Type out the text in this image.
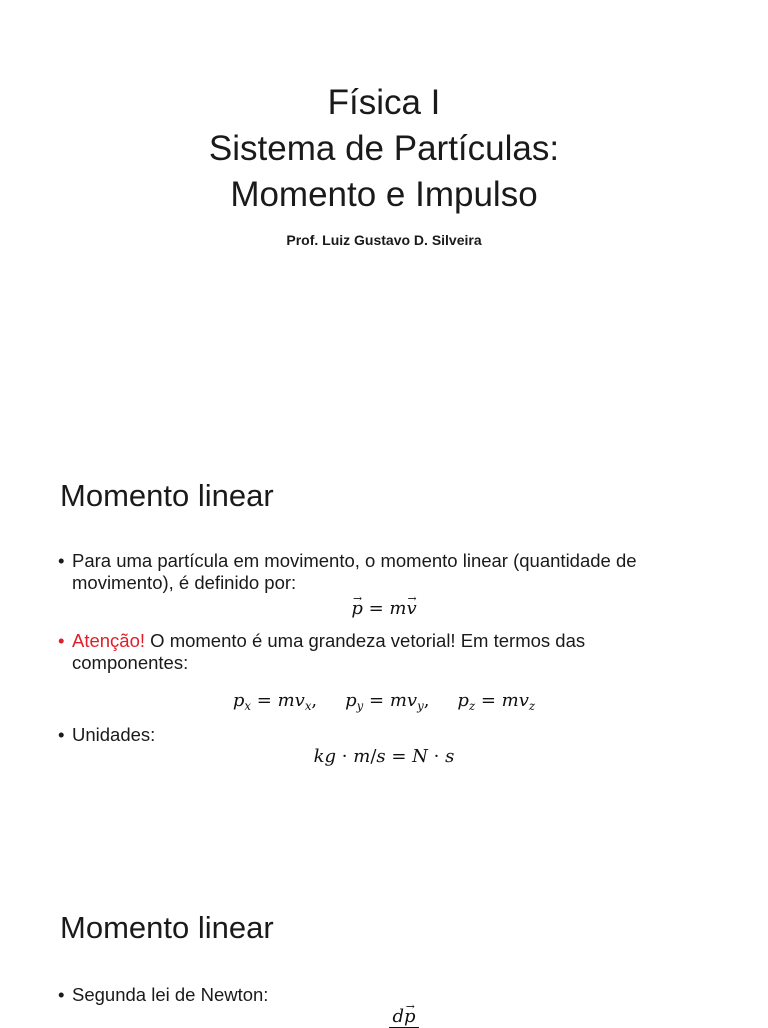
Física I
Sistema de Partículas:
Momento e Impulso
Prof. Luiz Gustavo D. Silveira
Momento linear
• Para uma partícula em movimento, o momento linear (quantidade de
movimento), é definido por:
p → = mv →
• Atenção! O momento é uma grandeza vetorial! Em termos das
componentes:
$p_x = mv_x$, $p_y = mv_y$, $p_z = mv_z$
• Unidades:
kg · m/s = N · s
Momento linear
• Segunda lei de Newton:
dp →
